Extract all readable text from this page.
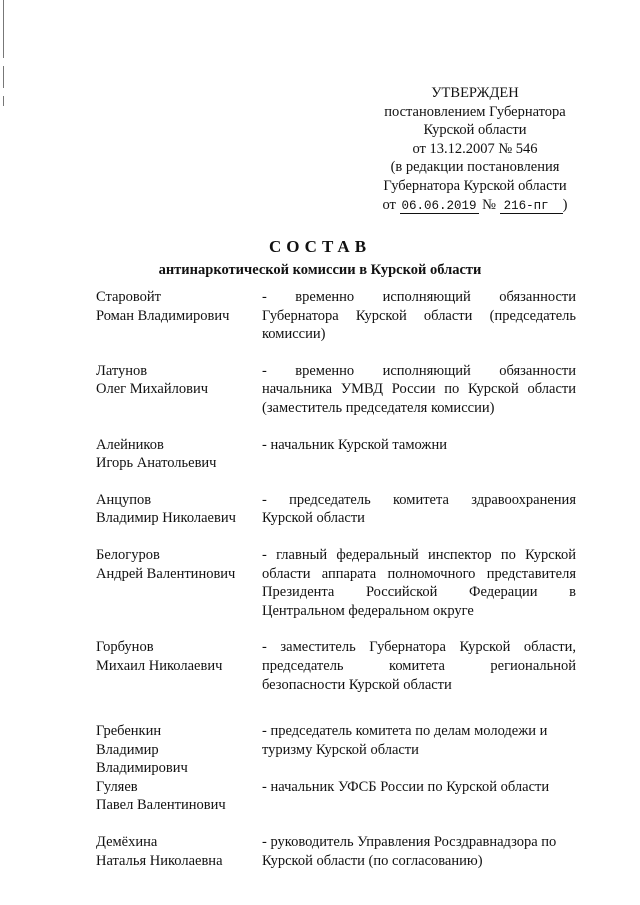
УТВЕРЖДЕН
постановлением Губернатора
Курской области
от 13.12.2007 № 546
(в редакции постановления
Губернатора Курской области
от 06.06.2019 № 216-пг )
СОСТАВ
антинаркотической комиссии в Курской области
Старовойт
Роман Владимирович
- временно исполняющий обязанности
Губернатора Курской области (председатель
комиссии)
Латунов
Олег Михайлович
- временно исполняющий обязанности
начальника УМВД России по Курской области
(заместитель председателя комиссии)
Алейников
Игорь Анатольевич
- начальник Курской таможни
Анцупов
Владимир Николаевич
- председатель комитета здравоохранения
Курской области
Белогуров
Андрей Валентинович
- главный федеральный инспектор по Курской
области аппарата полномочного представителя
Президента Российской Федерации в
Центральном федеральном округе
Горбунов
Михаил Николаевич
- заместитель Губернатора Курской области,
председатель комитета региональной
безопасности Курской области
Гребенкин
Владимир
Владимирович
- председатель комитета по делам молодежи и
туризму Курской области
Гуляев
Павел Валентинович
- начальник УФСБ России по Курской области
Демёхина
Наталья Николаевна
- руководитель Управления Росздравнадзора по
Курской области (по согласованию)
